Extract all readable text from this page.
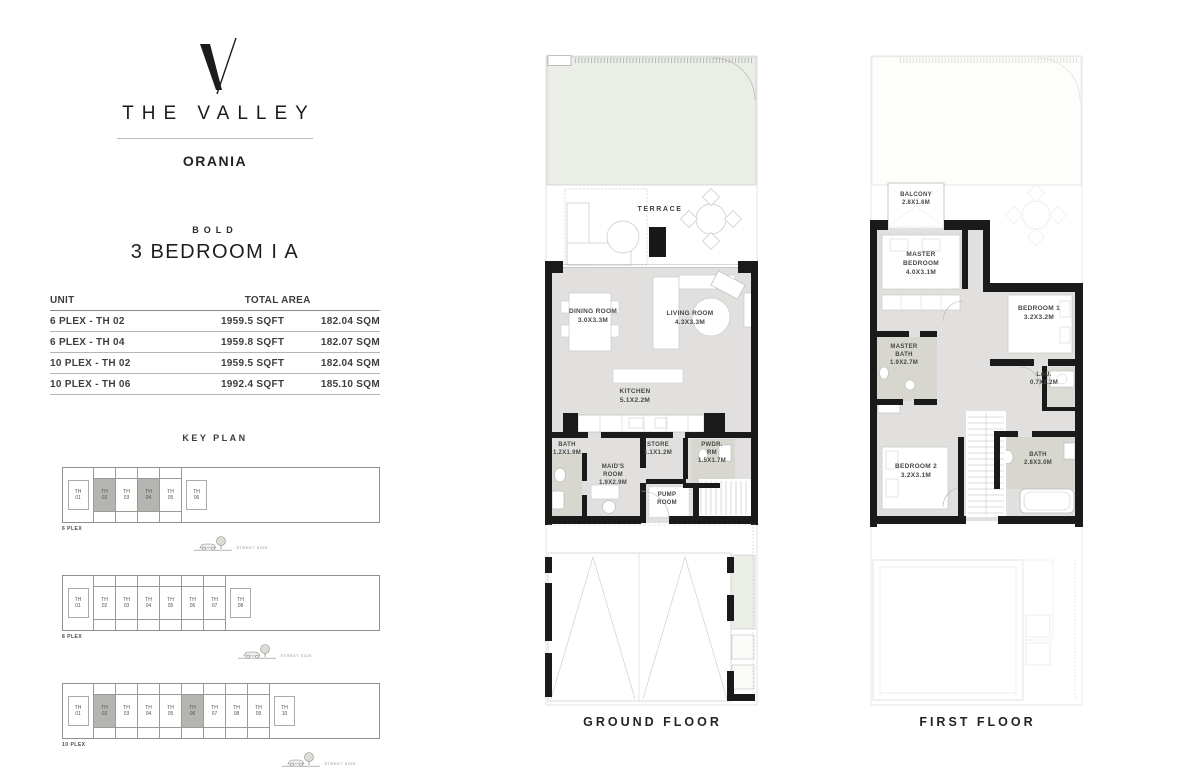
THE VALLEY
ORANIA
BOLD
3 BEDROOM I A
UNIT	TOTAL AREA
6 PLEX - TH 02	1959.5 SQFT	182.04 SQM
6 PLEX - TH 04	1959.8 SQFT	182.07 SQM
10 PLEX - TH 02	1959.5 SQFT	182.04 SQM
10 PLEX - TH 06	1992.4 SQFT	185.10 SQM
KEY PLAN
TH 01
TH 02
TH 03
TH 04
TH 05
TH 06
6 PLEX
STREET SIDE
TH 01
TH 02
TH 03
TH 04
TH 05
TH 06
TH 07
TH 08
8 PLEX
STREET SIDE
TH 01
TH 02
TH 03
TH 04
TH 05
TH 06
TH 07
TH 08
TH 09
TH 10
10 PLEX
STREET SIDE
TERRACE
DINING ROOM
3.0X3.3M
LIVING ROOM
4.3X3.3M
KITCHEN
5.1X2.2M
BATH
1.2X1.9M
STORE
1.1X1.2M
PWDR. RM
1.5X1.7M
MAID'S ROOM
1.9X2.9M
PUMP ROOM
GROUND FLOOR
BALCONY
2.8X1.6M
MASTER BEDROOM
4.0X3.1M
BEDROOM 1
3.2X3.2M
MASTER BATH
1.9X2.7M
LAU.
0.7X2.2M
BEDROOM 2
3.2X3.1M
BATH
2.8X3.0M
FIRST FLOOR
